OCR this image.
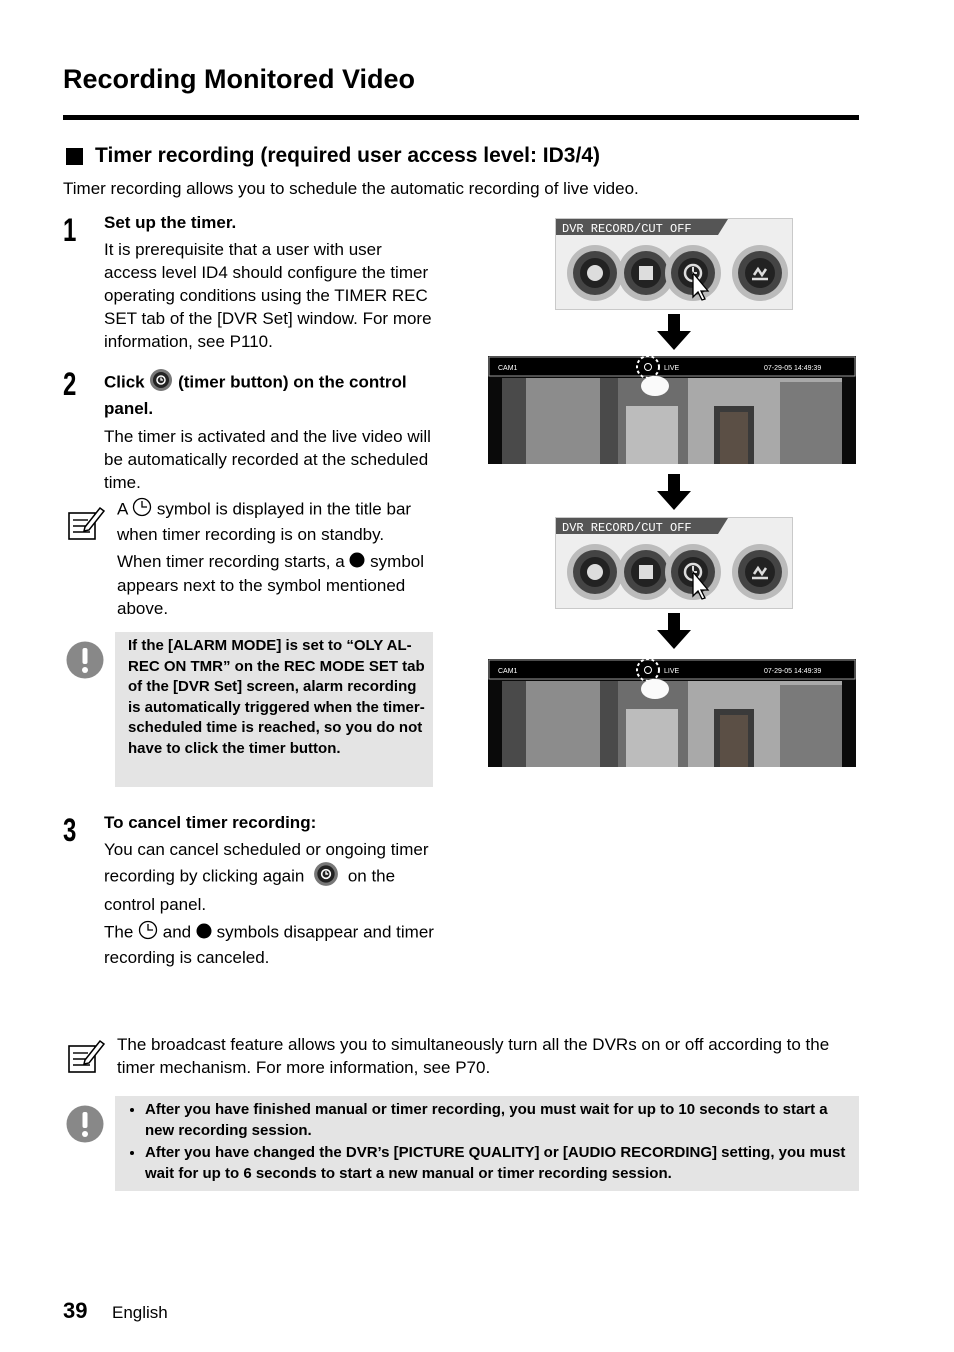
Recording Monitored Video
Timer recording (required user access level: ID3/4)
Timer recording allows you to schedule the automatic recording of live video.
1 Set up the timer.
It is prerequisite that a user with user access level ID4 should configure the timer operating conditions using the TIMER REC SET tab of the [DVR Set] window. For more information, see P110.
2 Click (timer button) on the control panel.
The timer is activated and the live video will be automatically recorded at the scheduled time.
A symbol is displayed in the title bar when timer recording is on standby.
When timer recording starts, a symbol appears next to the symbol mentioned above.
If the [ALARM MODE] is set to “OLY AL-REC ON TMR” on the REC MODE SET tab of the [DVR Set] screen, alarm recording is automatically triggered when the timer-scheduled time is reached, so you do not have to click the timer button.
3 To cancel timer recording:
You can cancel scheduled or ongoing timer recording by clicking again	on the control panel.
The and symbols disappear and timer recording is canceled.
DVR RECORD/CUT OFF
CAM1	LIVE	07-29-05 14:49:39
DVR RECORD/CUT OFF
CAM1	LIVE	07-29-05 14:49:39
The broadcast feature allows you to simultaneously turn all the DVRs on or off according to the timer mechanism. For more information, see P70.
• After you have finished manual or timer recording, you must wait for up to 10 seconds to start a new recording session.
• After you have changed the DVR’s [PICTURE QUALITY] or [AUDIO RECORDING] setting, you must wait for up to 6 seconds to start a new manual or timer recording session.
39 English
